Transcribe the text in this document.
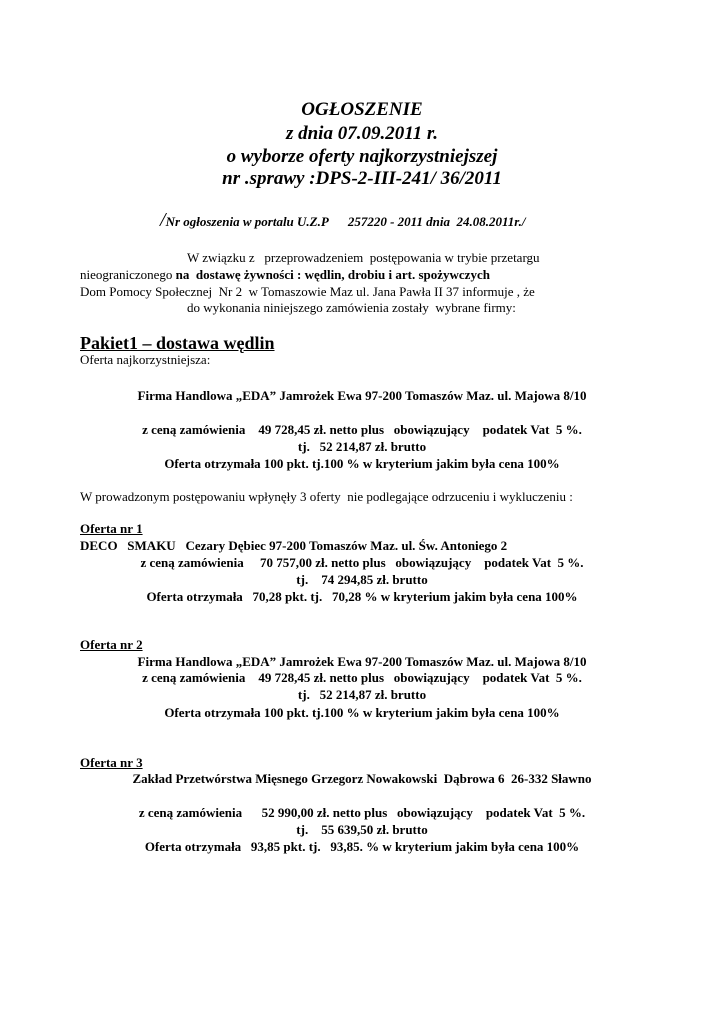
OGŁOSZENIE
z dnia 07.09.2011 r.
o wyborze oferty najkorzystniejszej
nr .sprawy :DPS-2-III-241/ 36/2011
/Nr ogłoszenia w portalu U.Z.P      257220 - 2011 dnia  24.08.2011r./
W związku z   przeprowadzeniem  postępowania w trybie przetargu
nieograniczonego na  dostawę żywności : wędlin, drobiu i art. spożywczych
Dom Pomocy Społecznej  Nr 2  w Tomaszowie Maz ul. Jana Pawła II 37 informuje , że
do wykonania niniejszego zamówienia zostały  wybrane firmy:
Pakiet1 – dostawa wędlin
Oferta najkorzystniejsza:
Firma Handlowa „EDA” Jamrożek Ewa 97-200 Tomaszów Maz. ul. Majowa 8/10
z ceną zamówienia    49 728,45 zł. netto plus   obowiązujący    podatek Vat  5 %.
tj.   52 214,87 zł. brutto
Oferta otrzymała 100 pkt. tj.100 % w kryterium jakim była cena 100%
W prowadzonym postępowaniu wpłynęły 3 oferty  nie podlegające odrzuceniu i wykluczeniu :
Oferta nr 1
DECO   SMAKU   Cezary Dębiec 97-200 Tomaszów Maz. ul. Św. Antoniego 2
z ceną zamówienia     70 757,00 zł. netto plus   obowiązujący    podatek Vat  5 %.
tj.    74 294,85 zł. brutto
Oferta otrzymała   70,28 pkt. tj.   70,28 % w kryterium jakim była cena 100%
Oferta nr 2
Firma Handlowa „EDA” Jamrożek Ewa 97-200 Tomaszów Maz. ul. Majowa 8/10
z ceną zamówienia    49 728,45 zł. netto plus   obowiązujący    podatek Vat  5 %.
tj.   52 214,87 zł. brutto
Oferta otrzymała 100 pkt. tj.100 % w kryterium jakim była cena 100%
Oferta nr 3
Zakład Przetwórstwa Mięsnego Grzegorz Nowakowski  Dąbrowa 6  26-332 Sławno
z ceną zamówienia      52 990,00 zł. netto plus   obowiązujący    podatek Vat  5 %.
tj.    55 639,50 zł. brutto
Oferta otrzymała   93,85 pkt. tj.   93,85. % w kryterium jakim była cena 100%
